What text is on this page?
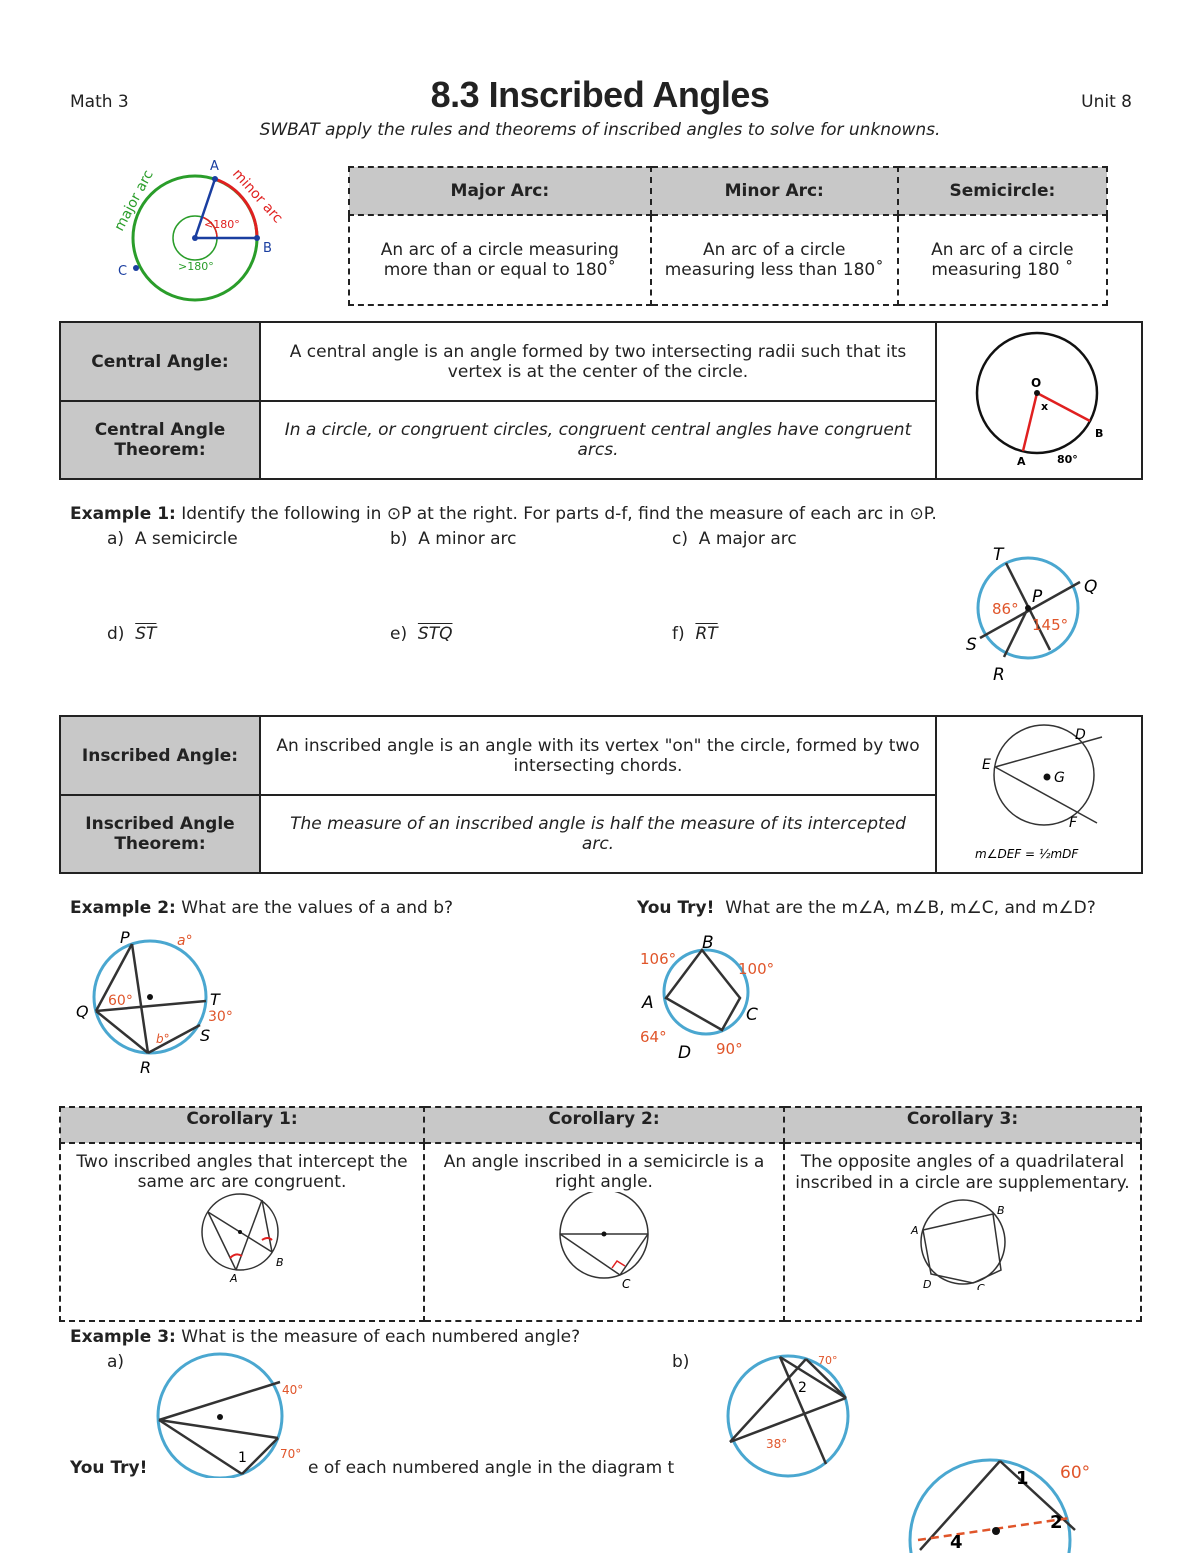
Math 3	8.3 Inscribed Angles	Unit 8
SWBAT apply the rules and theorems of inscribed angles to solve for unknowns.
A
B
C
<180°
>180°
major arc	minor arc	Major Arc:	Minor Arc:	Semicircle:
An arc of a circle measuring more than or equal to 180˚	An arc of a circle measuring less than 180˚	An arc of a circle measuring 180 ˚
Central Angle:	A central angle is an angle formed by two intersecting radii such that its vertex is at the center of the circle.	O
x
A
B
80°

Central Angle Theorem:	In a circle, or congruent circles, congruent central angles have congruent arcs.	
Example 1: Identify the following in ⊙P at the right. For parts d-f, find the measure of each arc in ⊙P.
a) A semicircle	b) A minor arc	c) A major arc
d) $\overline{ST}$	e) $\overline{STQ}$	f) $\overline{RT}$
T
Q
S
R
P
86°
145°
Inscribed Angle:	An inscribed angle is an angle with its vertex "on" the circle, formed by two intersecting chords.	E
D
F
G
m∠DEF = ½mDF

Inscribed Angle Theorem:	The measure of an inscribed angle is half the measure of its intercepted arc.	
Example 2: What are the values of a and b?
P
Q
T
S
R
a°
b°
60°
30°
You Try! What are the m∠A, m∠B, m∠C, and m∠D?
B
A
C
D
106°
100°
64°
90°
Corollary 1:	Corollary 2:	Corollary 3:

Two inscribed angles that intercept the same arc are congruent.
A
B	An angle inscribed in a semicircle is a right angle.
C	The opposite angles of a quadrilateral inscribed in a circle are supplementary.
A
B
C
D
Example 3: What is the measure of each numbered angle?
a)	b)
40°
70°
1
70°
2
38°
You Try!	e of each numbered angle in the diagram t	1
2
4
60°
